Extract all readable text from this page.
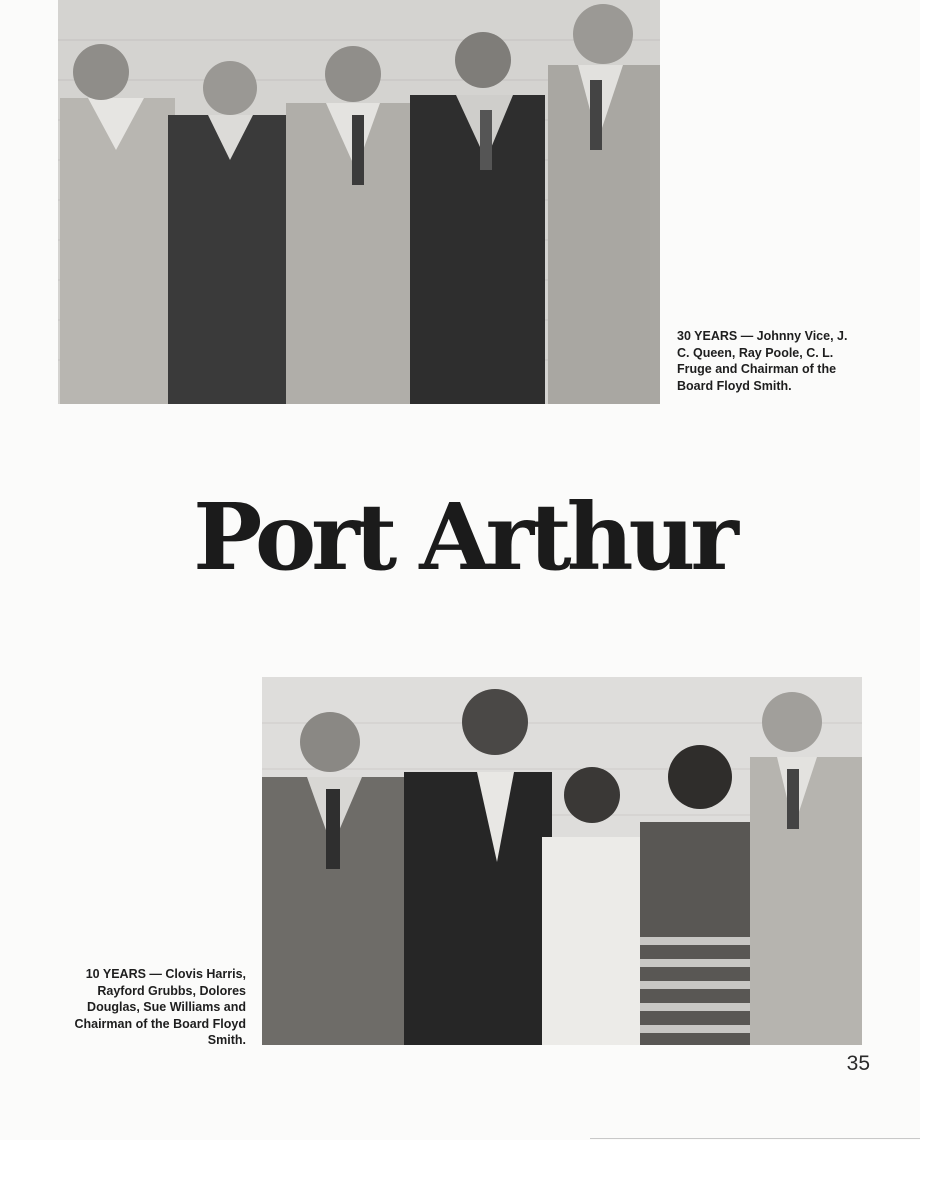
30 YEARS — Johnny Vice, J. C. Queen, Ray Poole, C. L. Fruge and Chairman of the Board Floyd Smith.

Port Arthur

10 YEARS — Clovis Harris, Rayford Grubbs, Dolores Douglas, Sue Williams and Chairman of the Board Floyd Smith.

35
